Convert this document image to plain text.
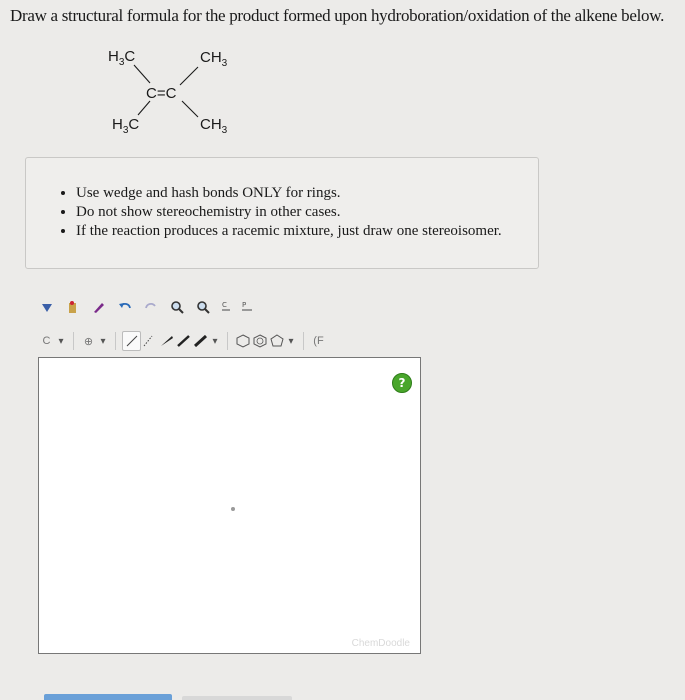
Draw a structural formula for the product formed upon hydroboration/oxidation of the alkene below.
$H_3C$	$CH_3$
C=C
$H_3C$	$CH_3$
• Use wedge and hash bonds ONLY for rings.
• Do not show stereochemistry in other cases.
• If the reaction produces a racemic mixture, just draw one stereoisomer.
C P
C ▾	⊕ ▾	▾	▾	(F
?
ChemDoodle
